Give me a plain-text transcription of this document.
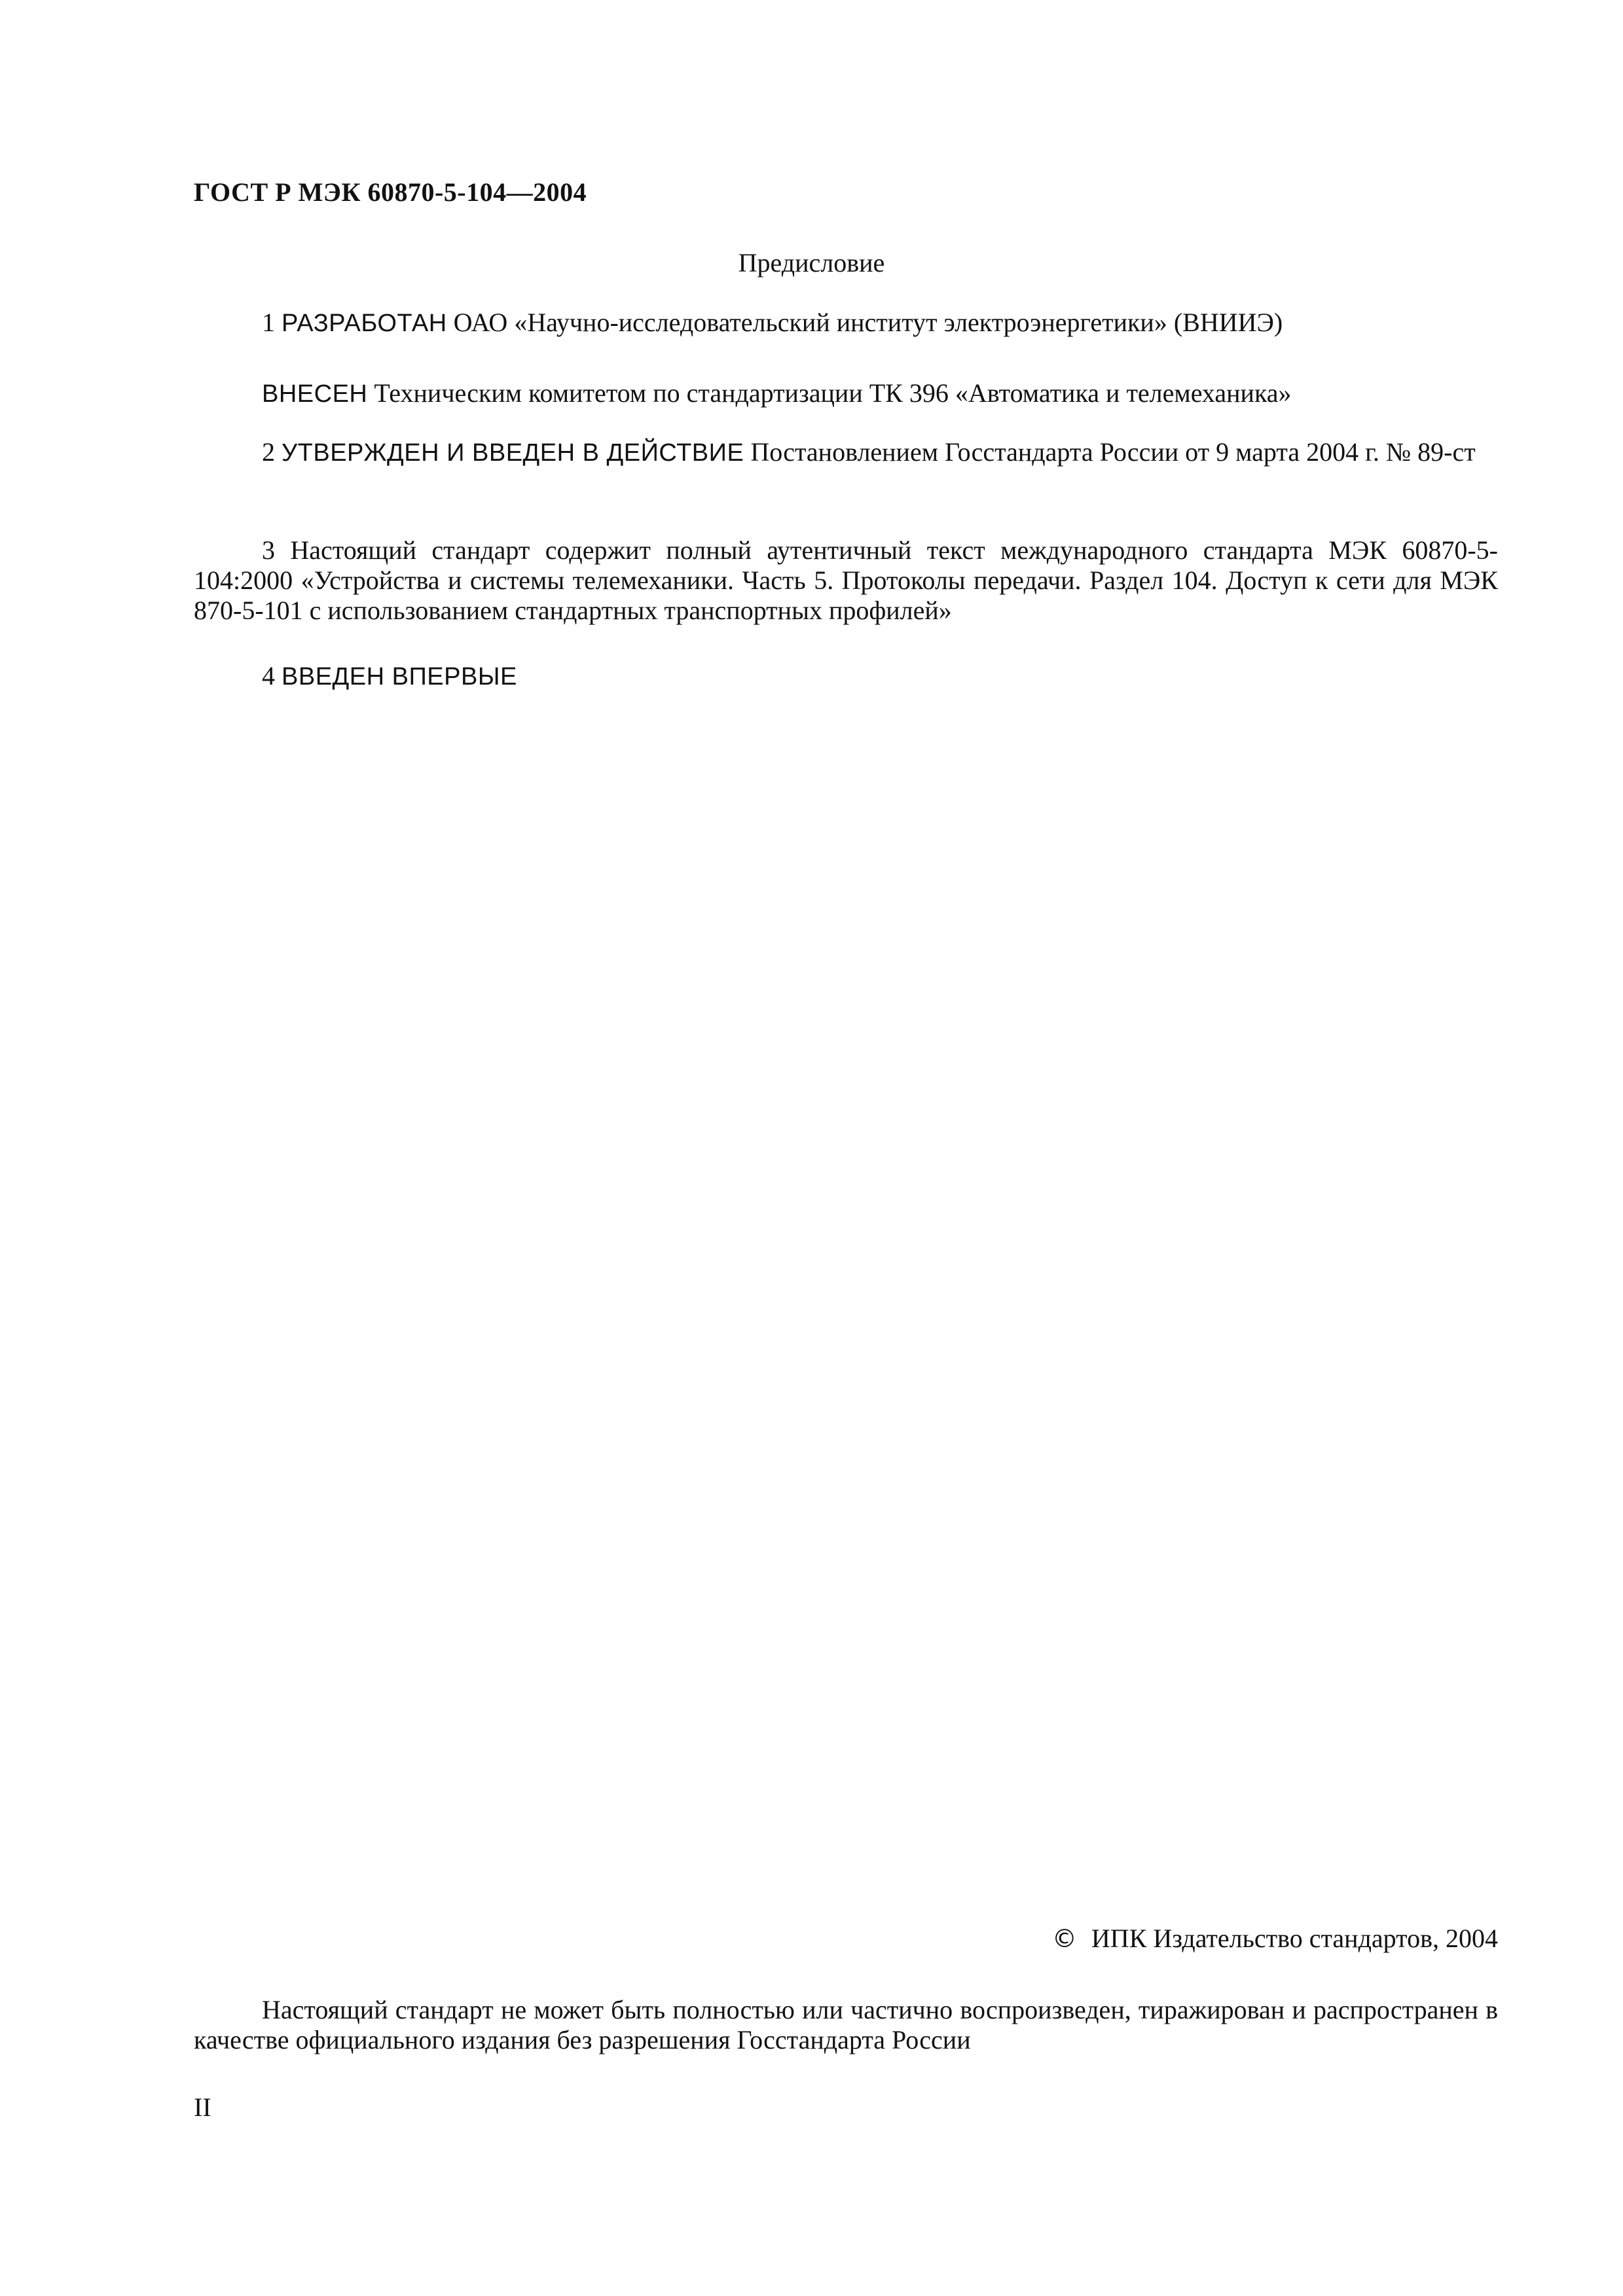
ГОСТ Р МЭК 60870-5-104—2004
Предисловие
1 РАЗРАБОТАН ОАО «Научно-исследовательский институт электроэнергетики» (ВНИИЭ)
ВНЕСЕН Техническим комитетом по стандартизации ТК 396 «Автоматика и телемеханика»
2 УТВЕРЖДЕН И ВВЕДЕН В ДЕЙСТВИЕ Постановлением Госстандарта России от 9 марта 2004 г. № 89-ст
3 Настоящий стандарт содержит полный аутентичный текст международного стандарта МЭК 60870-5-104:2000 «Устройства и системы телемеханики. Часть 5. Протоколы передачи. Раздел 104. Доступ к сети для МЭК 870-5-101 с использованием стандартных транспортных профилей»
4 ВВЕДЕН ВПЕРВЫЕ
© ИПК Издательство стандартов, 2004
Настоящий стандарт не может быть полностью или частично воспроизведен, тиражирован и распространен в качестве официального издания без разрешения Госстандарта России
II
